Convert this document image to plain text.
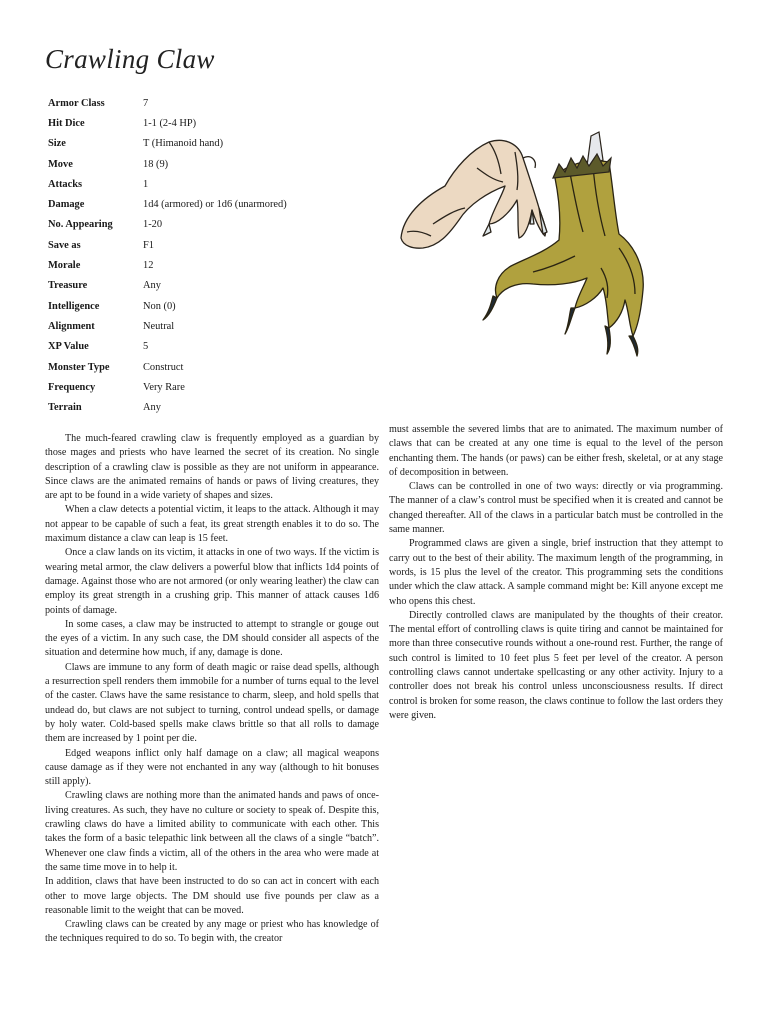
Crawling Claw
Armor Class	7
Hit Dice	1-1 (2-4 HP)
Size	T (Himanoid hand)
Move	18 (9)
Attacks	1
Damage	1d4 (armored) or 1d6 (unarmored)
No. Appearing	1-20
Save as	F1
Morale	12
Treasure	Any
Intelligence	Non (0)
Alignment	Neutral
XP Value	5
Monster Type	Construct
Frequency	Very Rare
Terrain	Any

The much-feared crawling claw is frequently employed as a guardian by those mages and priests who have learned the secret of its creation. No single description of a crawling claw is possible as they are not uniform in appearance. Since claws are the animated remains of hands or paws of living creatures, they are apt to be found in a wide variety of shapes and sizes.

When a claw detects a potential victim, it leaps to the attack. Although it may not appear to be capable of such a feat, its great strength enables it to do so. The maximum distance a claw can leap is 15 feet.

Once a claw lands on its victim, it attacks in one of two ways. If the victim is wearing metal armor, the claw delivers a powerful blow that inflicts 1d4 points of damage. Against those who are not armored (or only wearing leather) the claw can employ its great strength in a crushing grip. This manner of attack causes 1d6 points of damage.

In some cases, a claw may be instructed to attempt to strangle or gouge out the eyes of a victim. In any such case, the DM should consider all aspects of the situation and determine how much, if any, damage is done.

Claws are immune to any form of death magic or raise dead spells, although a resurrection spell renders them immobile for a number of turns equal to the level of the caster. Claws have the same resistance to charm, sleep, and hold spells that undead do, but claws are not subject to turning, control undead spells, or damage by holy water. Cold-based spells make claws brittle so that all rolls to damage them are increased by 1 point per die.

Edged weapons inflict only half damage on a claw; all magical weapons cause damage as if they were not enchanted in any way (although to hit bonuses still apply).

Crawling claws are nothing more than the animated hands and paws of once-living creatures. As such, they have no culture or society to speak of. Despite this, crawling claws do have a limited ability to communicate with each other. This takes the form of a basic telepathic link between all the claws of a single “batch”. Whenever one claw finds a victim, all of the others in the area who were made at the same time move in to help it.

In addition, claws that have been instructed to do so can act in concert with each other to move large objects. The DM should use five pounds per claw as a reasonable limit to the weight that can be moved.

Crawling claws can be created by any mage or priest who has knowledge of the techniques required to do so. To begin with, the creator

must assemble the severed limbs that are to animated. The maximum number of claws that can be created at any one time is equal to the level of the person enchanting them. The hands (or paws) can be either fresh, skeletal, or at any stage of decomposition in between.

Claws can be controlled in one of two ways: directly or via programming. The manner of a claw’s control must be specified when it is created and cannot be changed thereafter. All of the claws in a particular batch must be controlled in the same manner.

Programmed claws are given a single, brief instruction that they attempt to carry out to the best of their ability. The maximum length of the programming, in words, is 15 plus the level of the creator. This programming sets the conditions under which the claw attack. A sample command might be: Kill anyone except me who opens this chest.

Directly controlled claws are manipulated by the thoughts of their creator. The mental effort of controlling claws is quite tiring and cannot be maintained for more than three consecutive rounds without a one-round rest. Further, the range of such control is limited to 10 feet plus 5 feet per level of the creator. A person controlling claws cannot undertake spellcasting or any other activity. Injury to a controller does not break his control unless unconsciousness results. If direct control is broken for some reason, the claws continue to follow the last orders they were given.
